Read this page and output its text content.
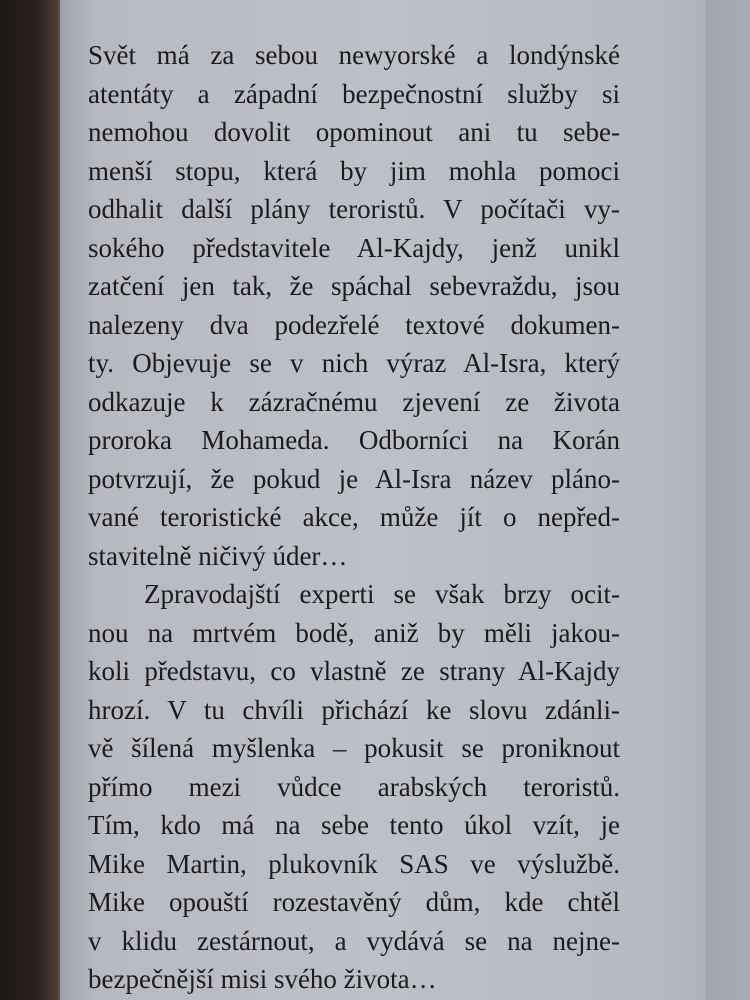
Svět má za sebou newyorské a londýnské
atentáty a západní bezpečnostní služby si
nemohou dovolit opominout ani tu sebe-
menší stopu, která by jim mohla pomoci
odhalit další plány teroristů. V počítači vy-
sokého představitele Al-Kajdy, jenž unikl
zatčení jen tak, že spáchal sebevraždu, jsou
nalezeny dva podezřelé textové dokumen-
ty. Objevuje se v nich výraz Al-Isra, který
odkazuje k zázračnému zjevení ze života
proroka Mohameda. Odborníci na Korán
potvrzují, že pokud je Al-Isra název pláno-
vané teroristické akce, může jít o nepřed-
stavitelně ničivý úder…
Zpravodajští experti se však brzy ocit-
nou na mrtvém bodě, aniž by měli jakou-
koli představu, co vlastně ze strany Al-Kajdy
hrozí. V tu chvíli přichází ke slovu zdánli-
vě šílená myšlenka – pokusit se proniknout
přímo mezi vůdce arabských teroristů.
Tím, kdo má na sebe tento úkol vzít, je
Mike Martin, plukovník SAS ve výslužbě.
Mike opouští rozestavěný dům, kde chtěl
v klidu zestárnout, a vydává se na nejne-
bezpečnější misi svého života…
